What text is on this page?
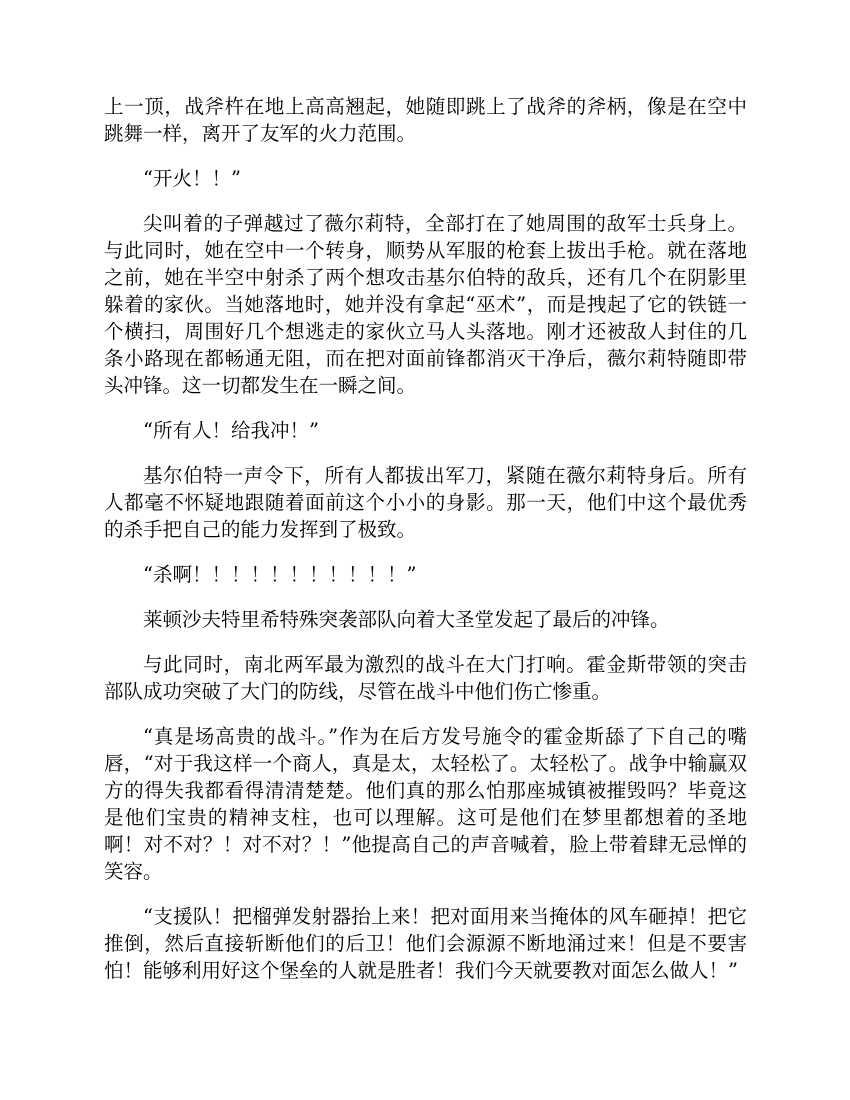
上一顶，战斧杵在地上高高翘起，她随即跳上了战斧的斧柄，像是在空中跳舞一样，离开了友军的火力范围。

“开火！！”

尖叫着的子弹越过了薇尔莉特，全部打在了她周围的敌军士兵身上。与此同时，她在空中一个转身，顺势从军服的枪套上拔出手枪。就在落地之前，她在半空中射杀了两个想攻击基尔伯特的敌兵，还有几个在阴影里躲着的家伙。当她落地时，她并没有拿起“巫术”，而是拽起了它的铁链一个横扫，周围好几个想逃走的家伙立马人头落地。刚才还被敌人封住的几条小路现在都畅通无阻，而在把对面前锋都消灭干净后，薇尔莉特随即带头冲锋。这一切都发生在一瞬之间。

“所有人！给我冲！”

基尔伯特一声令下，所有人都拔出军刀，紧随在薇尔莉特身后。所有人都毫不怀疑地跟随着面前这个小小的身影。那一天，他们中这个最优秀的杀手把自己的能力发挥到了极致。

“杀啊！！！！！！！！！！！”

莱顿沙夫特里希特殊突袭部队向着大圣堂发起了最后的冲锋。

与此同时，南北两军最为激烈的战斗在大门打响。霍金斯带领的突击部队成功突破了大门的防线，尽管在战斗中他们伤亡惨重。

“真是场高贵的战斗。”作为在后方发号施令的霍金斯舔了下自己的嘴唇，“对于我这样一个商人，真是太，太轻松了。太轻松了。战争中输赢双方的得失我都看得清清楚楚。他们真的那么怕那座城镇被摧毁吗？毕竟这是他们宝贵的精神支柱，也可以理解。这可是他们在梦里都想着的圣地啊！对不对？！对不对？！”他提高自己的声音喊着，脸上带着肆无忌惮的笑容。

“支援队！把榴弹发射器抬上来！把对面用来当掩体的风车砸掉！把它推倒，然后直接斩断他们的后卫！他们会源源不断地涌过来！但是不要害怕！能够利用好这个堡垒的人就是胜者！我们今天就要教对面怎么做人！”
